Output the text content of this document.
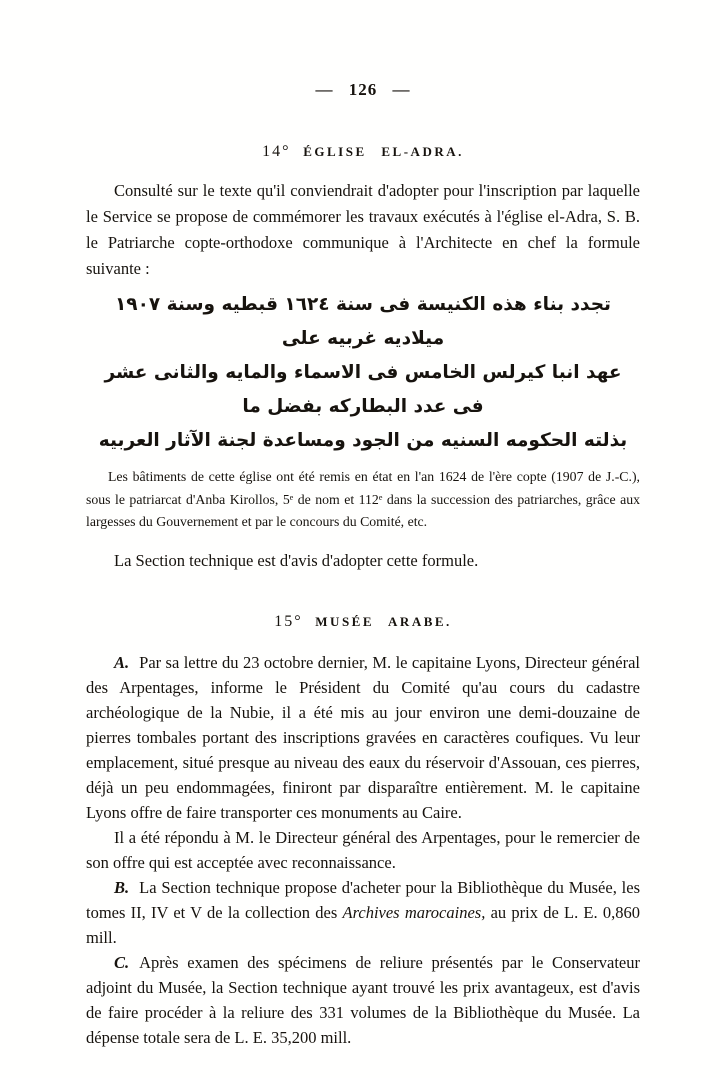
— 126 —
14° ÉGLISE EL-ADRA.

Consulté sur le texte qu'il conviendrait d'adopter pour l'inscription par laquelle le Service se propose de commémorer les travaux exécutés à l'église el-Adra, S. B. le Patriarche copte-orthodoxe communique à l'Architecte en chef la formule suivante :

تجدد بناء هذه الكنيسة فى سنة ١٦٢٤ قبطيه وسنة ١٩٠٧ ميلاديه غربيه على
عهد انبا كيرلس الخامس فى الاسماء والمايه والثانى عشر فى عدد البطاركه بفضل ما
بذلته الحكومه السنيه من الجود ومساعدة لجنة الآثار العربيه

Les bâtiments de cette église ont été remis en état en l'an 1624 de l'ère copte (1907 de J.-C.), sous le patriarcat d'Anba Kirollos, 5ᵉ de nom et 112ᵉ dans la succession des patriarches, grâce aux largesses du Gouvernement et par le concours du Comité, etc.

La Section technique est d'avis d'adopter cette formule.

15° MUSÉE ARABE.

A. Par sa lettre du 23 octobre dernier, M. le capitaine Lyons, Directeur général des Arpentages, informe le Président du Comité qu'au cours du cadastre archéologique de la Nubie, il a été mis au jour environ une demi-douzaine de pierres tombales portant des inscriptions gravées en caractères coufiques. Vu leur emplacement, situé presque au niveau des eaux du réservoir d'Assouan, ces pierres, déjà un peu endommagées, finiront par disparaître entièrement. M. le capitaine Lyons offre de faire transporter ces monuments au Caire.

Il a été répondu à M. le Directeur général des Arpentages, pour le remercier de son offre qui est acceptée avec reconnaissance.

B. La Section technique propose d'acheter pour la Bibliothèque du Musée, les tomes II, IV et V de la collection des Archives marocaines, au prix de L. E. 0,860 mill.

C. Après examen des spécimens de reliure présentés par le Conservateur adjoint du Musée, la Section technique ayant trouvé les prix avantageux, est d'avis de faire procéder à la reliure des 331 volumes de la Bibliothèque du Musée. La dépense totale sera de L. E. 35,200 mill.
